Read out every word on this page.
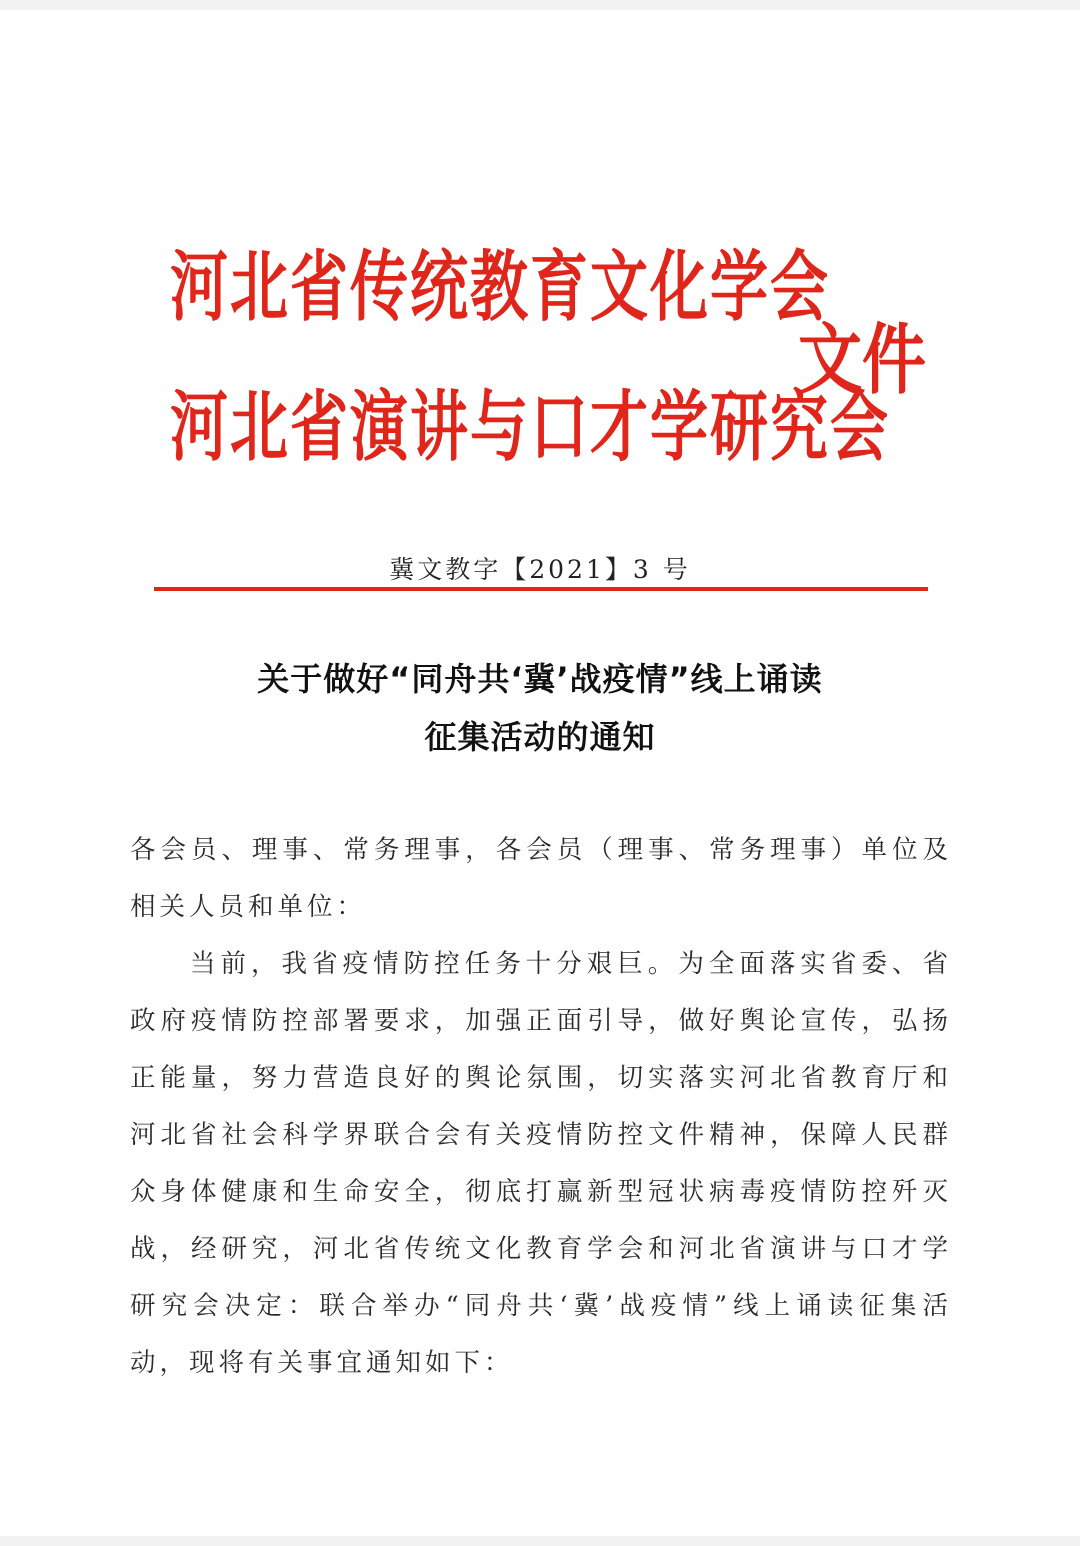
河北省传统教育文化学会
河北省演讲与口才学研究会
文件
冀文教字【2021】3 号
关于做好“同舟共‘冀’战疫情”线上诵读
征集活动的通知

各会员、理事、常务理事，各会员（理事、常务理事）单位及相关人员和单位：

当前，我省疫情防控任务十分艰巨。为全面落实省委、省政府疫情防控部署要求，加强正面引导，做好舆论宣传，弘扬正能量，努力营造良好的舆论氛围，切实落实河北省教育厅和河北省社会科学界联合会有关疫情防控文件精神，保障人民群众身体健康和生命安全，彻底打赢新型冠状病毒疫情防控歼灭战，经研究，河北省传统文化教育学会和河北省演讲与口才学研究会决定：联合举办“同舟共‘冀’战疫情”线上诵读征集活动，现将有关事宜通知如下：
